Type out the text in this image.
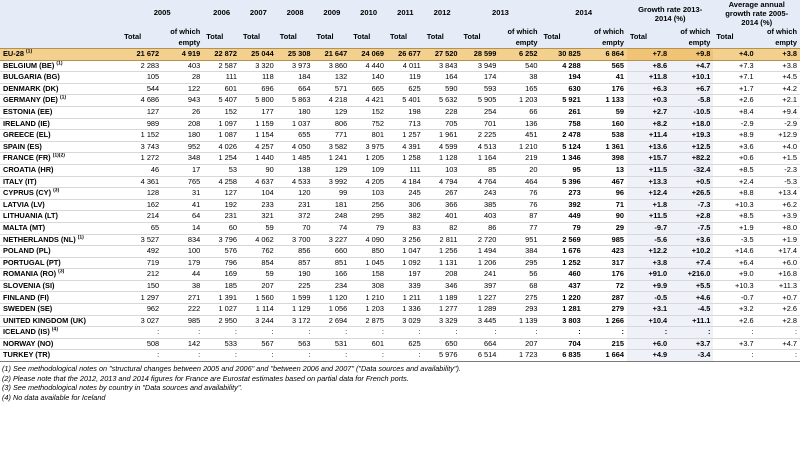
	2005		2006	2007	2008	2009	2010	2011	2012	2013		2014		Growth rate 2013-2014 (%)		Average annual growth rate 2005-2014 (%)	
	Total	of which empty	Total	Total	Total	Total	Total	Total	Total	Total	of which empty	Total	of which empty	Total	of which empty	Total	of which empty
EU-28 $^{(1)}$	21 672	4 919	22 872	25 044	25 308	21 647	24 069	26 677	27 520	28 599	6 252	30 825	6 864	+7.8	+9.8	+4.0	+3.8
BELGIUM (BE) $^{(1)}$	2 283	403	2 587	3 320	3 973	3 860	4 440	4 011	3 843	3 949	540	4 288	565	+8.6	+4.7	+7.3	+3.8
BULGARIA (BG)	105	28	111	118	184	132	140	119	164	174	38	194	41	+11.8	+10.1	+7.1	+4.5
DENMARK (DK)	544	122	601	696	664	571	665	625	590	593	165	630	176	+6.3	+6.7	+1.7	+4.2
GERMANY (DE) $^{(1)}$	4 686	943	5 407	5 800	5 863	4 218	4 421	5 401	5 632	5 905	1 203	5 921	1 133	+0.3	-5.8	+2.6	+2.1
ESTONIA (EE)	127	26	152	177	180	129	152	198	228	254	66	261	59	+2.7	-10.5	+8.4	+9.4
IRELAND (IE)	989	208	1 097	1 159	1 037	806	752	713	705	701	136	758	160	+8.2	+18.0	-2.9	-2.9
GREECE (EL)	1 152	180	1 087	1 154	655	771	801	1 257	1 961	2 225	451	2 478	538	+11.4	+19.3	+8.9	+12.9
SPAIN (ES)	3 743	952	4 026	4 257	4 050	3 582	3 975	4 391	4 599	4 513	1 210	5 124	1 361	+13.6	+12.5	+3.6	+4.0
FRANCE (FR) $^{(1)(2)}$	1 272	348	1 254	1 440	1 485	1 241	1 205	1 258	1 128	1 164	219	1 346	398	+15.7	+82.2	+0.6	+1.5
CROATIA (HR)	46	17	53	90	138	129	109	111	103	85	20	95	13	+11.5	-32.4	+8.5	-2.3
ITALY (IT)	4 361	765	4 258	4 637	4 533	3 992	4 205	4 184	4 794	4 764	464	5 396	467	+13.3	+0.5	+2.4	-5.3
CYPRUS (CY) $^{(3)}$	128	31	127	104	120	99	103	245	267	243	76	273	96	+12.4	+26.5	+8.8	+13.4
LATVIA (LV)	162	41	192	233	231	181	256	306	366	385	76	392	71	+1.8	-7.3	+10.3	+6.2
LITHUANIA (LT)	214	64	231	321	372	248	295	382	401	403	87	449	90	+11.5	+2.8	+8.5	+3.9
MALTA (MT)	65	14	60	59	70	74	79	83	82	86	77	79	29	-9.7	-7.5	+1.9	+8.0
NETHERLANDS (NL) $^{(1)}$	3 527	834	3 796	4 062	3 700	3 227	4 090	3 256	2 811	2 720	951	2 569	985	-5.6	+3.6	-3.5	+1.9
POLAND (PL)	492	100	576	762	856	660	850	1 047	1 256	1 494	384	1 676	423	+12.2	+10.2	+14.6	+17.4
PORTUGAL (PT)	719	179	796	854	857	851	1 045	1 092	1 131	1 206	295	1 252	317	+3.8	+7.4	+6.4	+6.0
ROMANIA (RO) $^{(3)}$	212	44	169	59	190	166	158	197	208	241	56	460	176	+91.0	+216.0	+9.0	+16.8
SLOVENIA (SI)	150	38	185	207	225	234	308	339	346	397	68	437	72	+9.9	+5.5	+10.3	+11.3
FINLAND (FI)	1 297	271	1 391	1 560	1 599	1 120	1 210	1 211	1 189	1 227	275	1 220	287	-0.5	+4.6	-0.7	+0.7
SWEDEN (SE)	962	222	1 027	1 114	1 129	1 056	1 203	1 336	1 277	1 289	293	1 281	279	+3.1	-4.5	+3.2	+2.6
UNITED KINGDOM (UK)	3 027	985	2 950	3 244	3 172	2 694	2 875	3 029	3 329	3 445	1 139	3 803	1 266	+10.4	+11.1	+2.6	+2.8
ICELAND (IS) $^{(4)}$	:	:	:	:	:	:	:	:	:	:	:	:	:	:	:	:	:
NORWAY (NO)	508	142	533	567	563	531	601	625	650	664	207	704	215	+6.0	+3.7	+3.7	+4.7
TURKEY (TR)	:	:	:	:	:	:	:	:	5 976	6 514	1 723	6 835	1 664	+4.9	-3.4	:	:
(1) See methodological notes on "structural changes between 2005 and 2006" and "between 2006 and 2007" ("Data sources and availability").
(2) Please note that the 2012, 2013 and 2014 figures for France are Eurostat estimates based on partial data for French ports.
(3) See methodological notes by country in "Data sources and availability".
(4) No data available for Iceland
